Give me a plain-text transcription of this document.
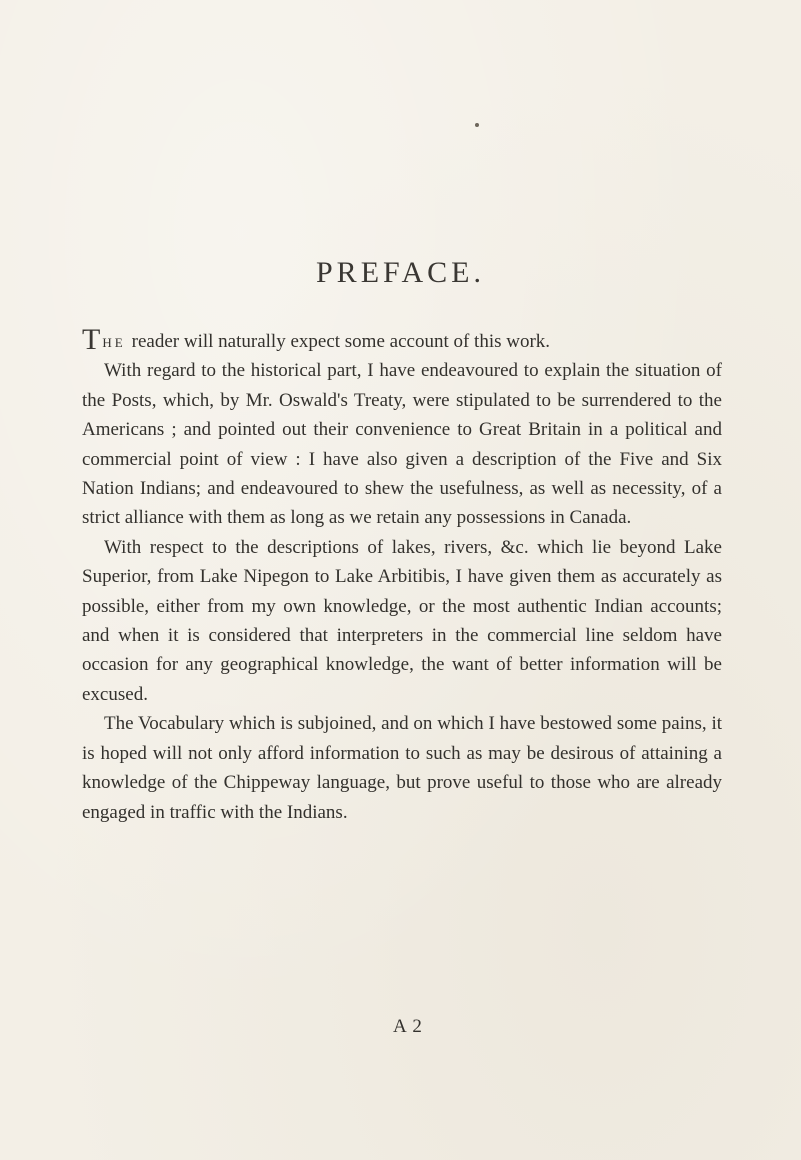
PREFACE.

The reader will naturally expect some account of this work.

With regard to the historical part, I have endeavoured to explain the situation of the Posts, which, by Mr. Oswald's Treaty, were stipulated to be surrendered to the Americans ; and pointed out their convenience to Great Britain in a political and commercial point of view : I have also given a description of the Five and Six Nation Indians; and endeavoured to shew the usefulness, as well as necessity, of a strict alliance with them as long as we retain any possessions in Canada.

With respect to the descriptions of lakes, rivers, &c. which lie beyond Lake Superior, from Lake Nipegon to Lake Arbitibis, I have given them as accurately as possible, either from my own knowledge, or the most authentic Indian accounts; and when it is considered that interpreters in the commercial line seldom have occasion for any geographical knowledge, the want of better information will be excused.

The Vocabulary which is subjoined, and on which I have bestowed some pains, it is hoped will not only afford information to such as may be desirous of attaining a knowledge of the Chippeway language, but prove useful to those who are already engaged in traffic with the Indians.

A 2
